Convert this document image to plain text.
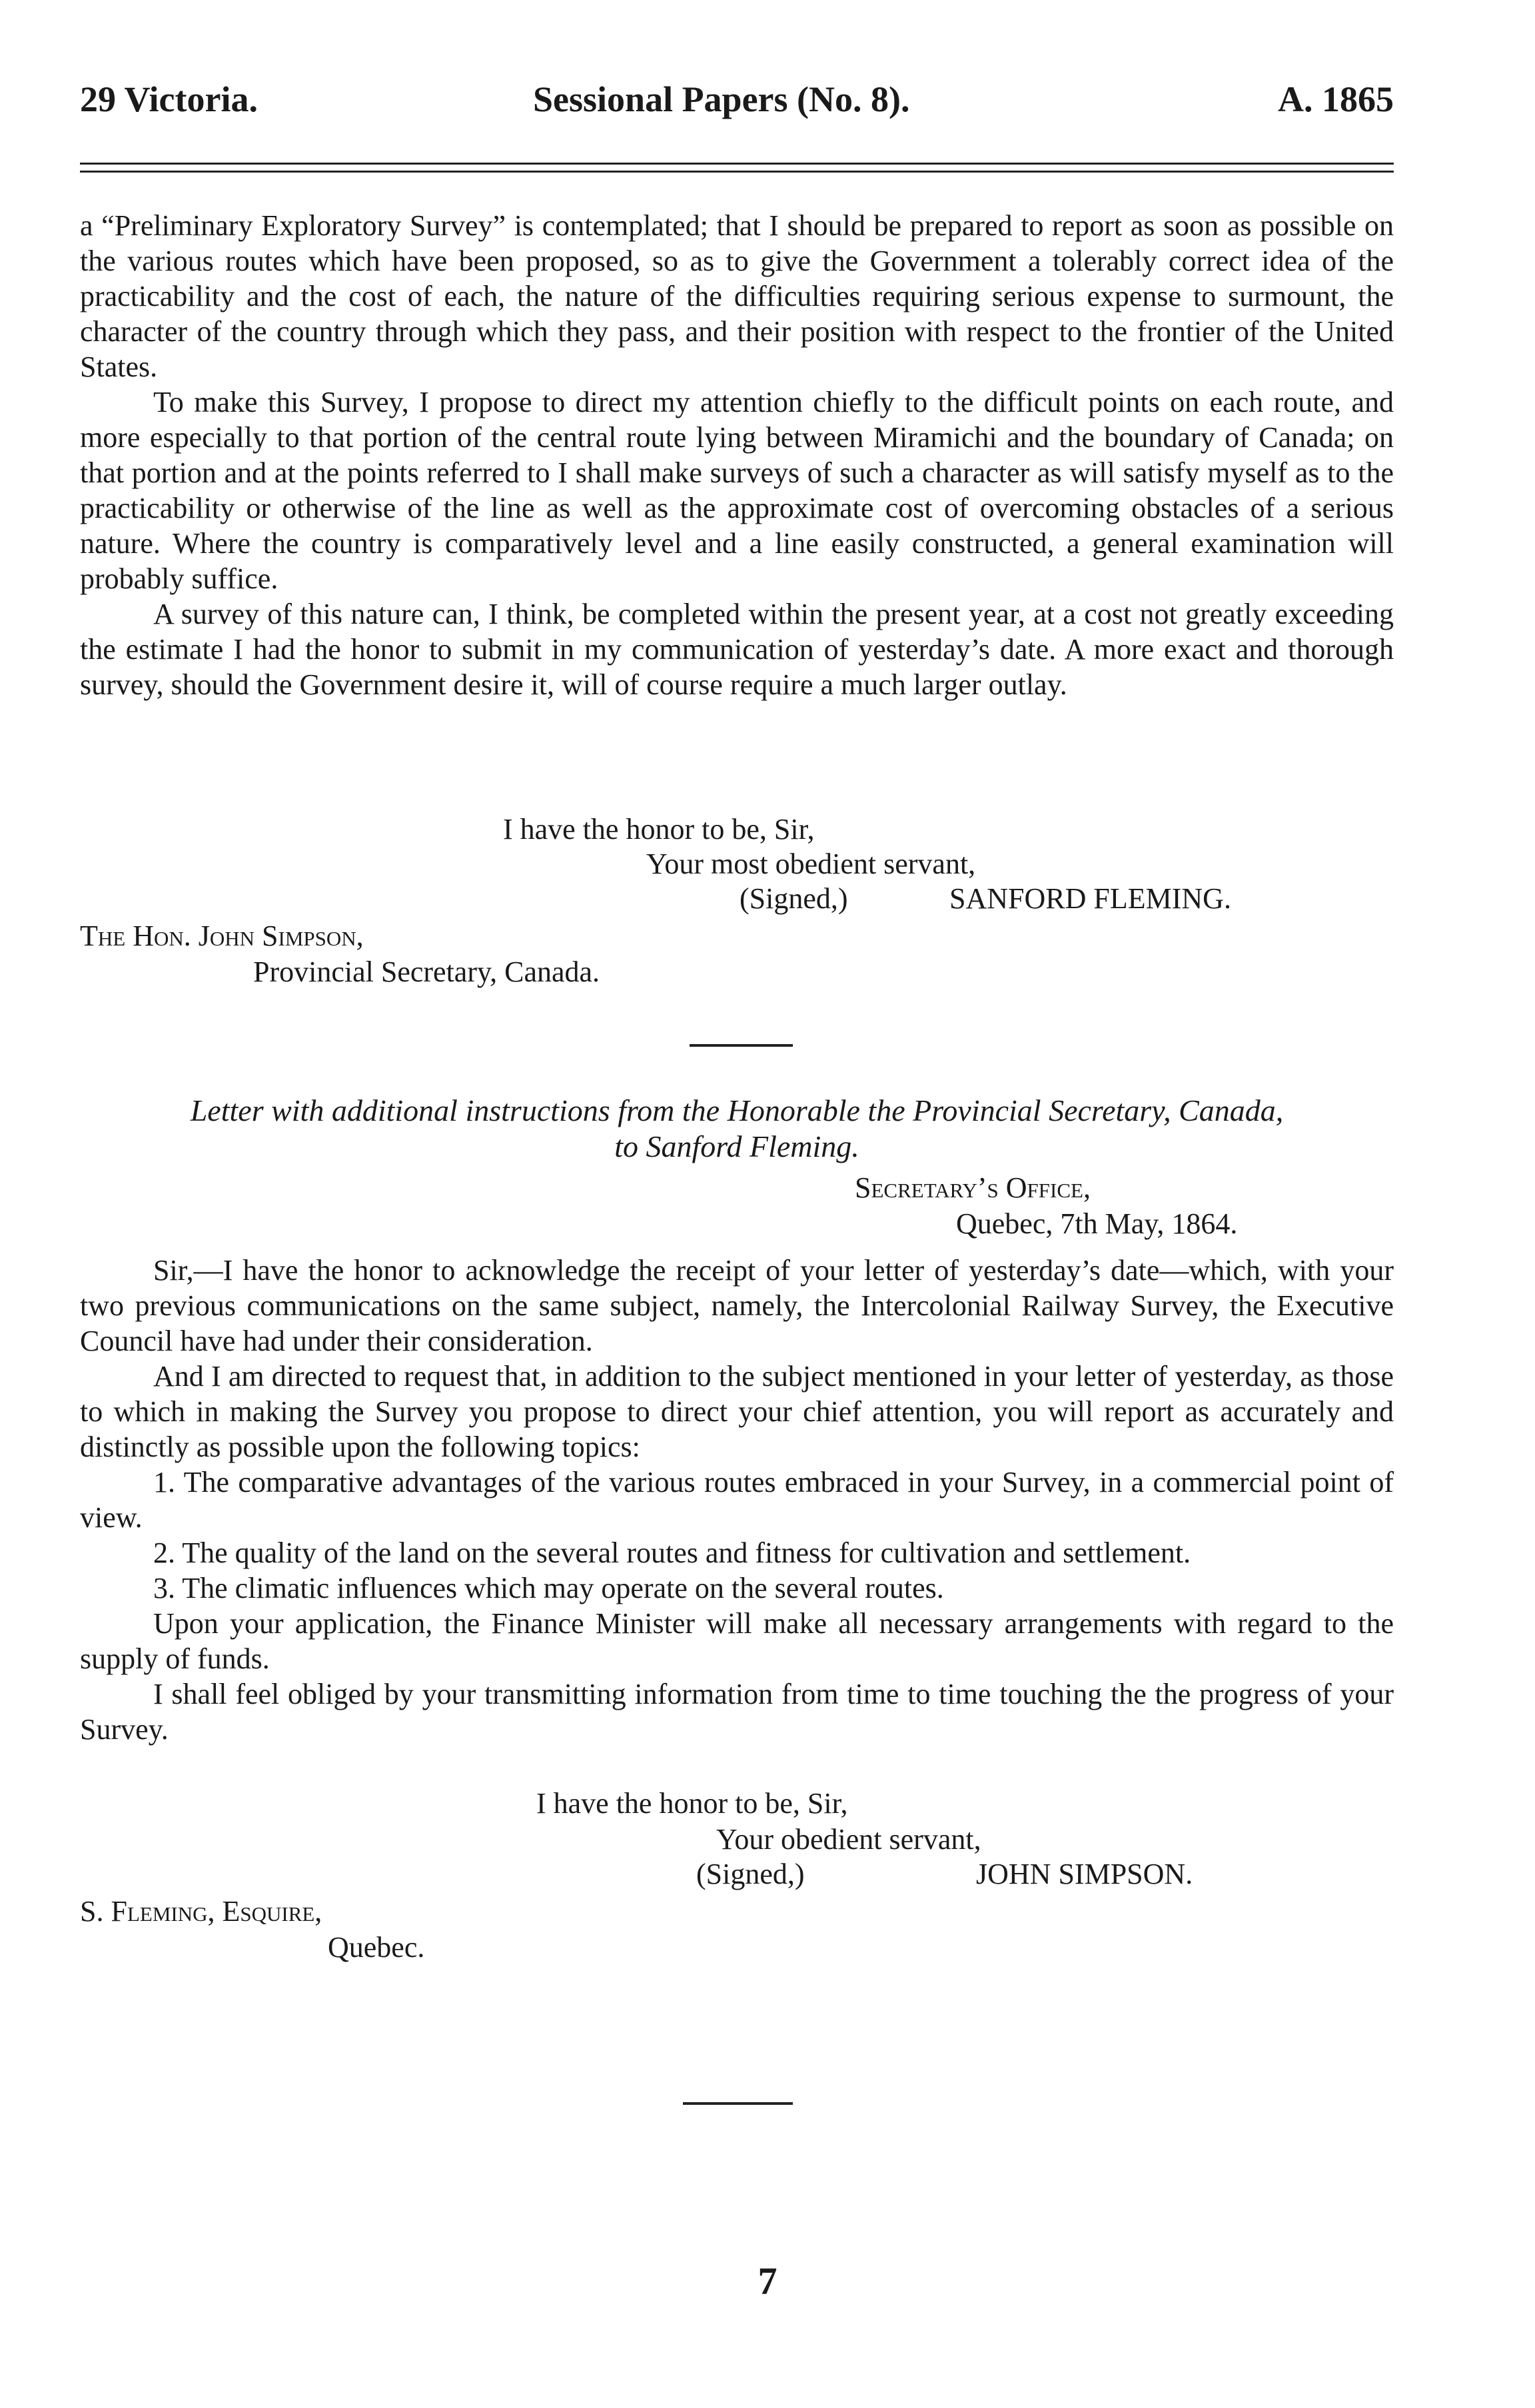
29 Victoria.	Sessional Papers (No. 8).	A. 1865

a “Preliminary Exploratory Survey” is contemplated; that I should be prepared to report as soon as possible on the various routes which have been proposed, so as to give the Government a tolerably correct idea of the practicability and the cost of each, the nature of the difficulties requiring serious expense to surmount, the character of the country through which they pass, and their position with respect to the frontier of the United States.

To make this Survey, I propose to direct my attention chiefly to the difficult points on each route, and more especially to that portion of the central route lying between Miramichi and the boundary of Canada; on that portion and at the points referred to I shall make surveys of such a character as will satisfy myself as to the practicability or otherwise of the line as well as the approximate cost of overcoming obstacles of a serious nature. Where the country is comparatively level and a line easily constructed, a general examination will probably suffice.

A survey of this nature can, I think, be completed within the present year, at a cost not greatly exceeding the estimate I had the honor to submit in my communication of yesterday’s date. A more exact and thorough survey, should the Government desire it, will of course require a much larger outlay.

I have the honor to be, Sir,
Your most obedient servant,
(Signed,)	SANFORD FLEMING.
The Hon. John Simpson,
Provincial Secretary, Canada.
Letter with additional instructions from the Honorable the Provincial Secretary, Canada,
to Sanford Fleming.
Secretary’s Office,
Quebec, 7th May, 1864.

Sir,—I have the honor to acknowledge the receipt of your letter of yesterday’s date—which, with your two previous communications on the same subject, namely, the Intercolonial Railway Survey, the Executive Council have had under their consideration.

And I am directed to request that, in addition to the subject mentioned in your letter of yesterday, as those to which in making the Survey you propose to direct your chief attention, you will report as accurately and distinctly as possible upon the following topics:

1. The comparative advantages of the various routes embraced in your Survey, in a commercial point of view.

2. The quality of the land on the several routes and fitness for cultivation and settlement.

3. The climatic influences which may operate on the several routes.

Upon your application, the Finance Minister will make all necessary arrangements with regard to the supply of funds.

I shall feel obliged by your transmitting information from time to time touching the the progress of your Survey.

I have the honor to be, Sir,
Your obedient servant,
(Signed,)	JOHN SIMPSON.
S. Fleming, Esquire,
Quebec.
7
